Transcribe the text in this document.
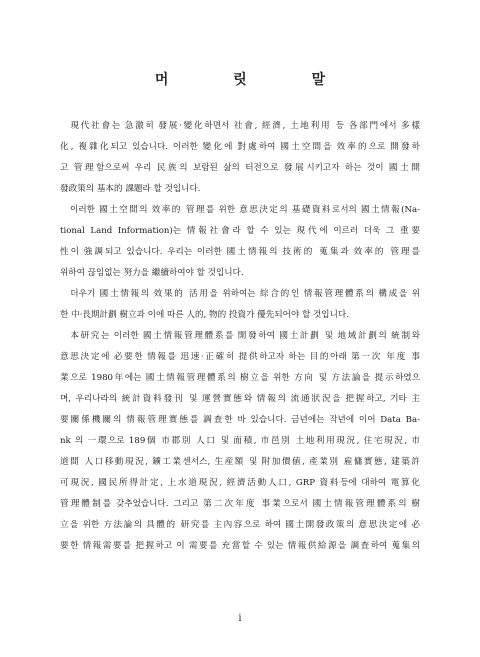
머 릿 말
　現代社會는 急激히 發展·變化하면서 社會, 經濟, 土地利用 등 各部門에서 多樣
化, 複雜化되고 있습니다. 이러한 變化에 對處하여 國土空間을 效率的으로 開發하
고 管理함으로써 우리 民族의 보람된 삶의 터전으로 發展시키고자 하는 것이 國土開
發政策의 基本的 課題라 할 것입니다.
　이러한 國土空間의 效率的 管理를 위한 意思決定의 基礎資料로서의 國土情報(Na-
tional Land Information)는 情報社會라 할 수 있는 現代에 이르러 더욱 그 重要
性이 強調되고 있습니다. 우리는 이러한 國土情報의 技術的 蒐集과 效率的 管理를
위하여 끊임없는 努力을 繼續하여야 할 것입니다.
　더우기 國土情報의 效果的 活用을 위하여는 綜合的인 情報管理體系의 構成을 위
한 中·長期計劃 樹立과 이에 따른 人的, 物的 投資가 優先되어야 할 것입니다.
　本研究는 이러한 國土情報管理體系를 開發하여 國土計劃 및 地域計劃의 統制와
意思決定에 必要한 情報를 迅速·正確히 提供하고자 하는 目的아래 第一次 年度 事
業으로 1980年에는 國土情報管理體系의 樹立을 위한 方向 및 方法論을 提示하였으
며, 우리나라의 統計資料發刊 및 運營實態와 情報의 流通狀況을 把握하고, 기타 主
要關係機關의 情報管理實態를 調査한 바 있습니다. 금년에는 작년에 이어 Data Ba-
nk 의 一環으로 189個 市郡別 人口 및 面積, 市邑別 土地利用現況, 住宅現況, 市
道間 人口移動現況, 鑛工業센서스, 生産額 및 附加價値, 產業別 雇傭實態, 建築許
可現況, 國民所得計定, 上水道現況, 經濟活動人口, GRP 資料등에 대하여 電算化
管理體制를 갖추었습니다. 그리고 第二次年度 事業으로서 國土情報管理體系의 樹
立을 위한 方法論의 具體的 研究를 主內容으로 하여 國土開發政策의 意思決定에 必
要한 情報需要를 把握하고 이 需要를 充當할 수 있는 情報供給源을 調査하여 蒐集의
i
